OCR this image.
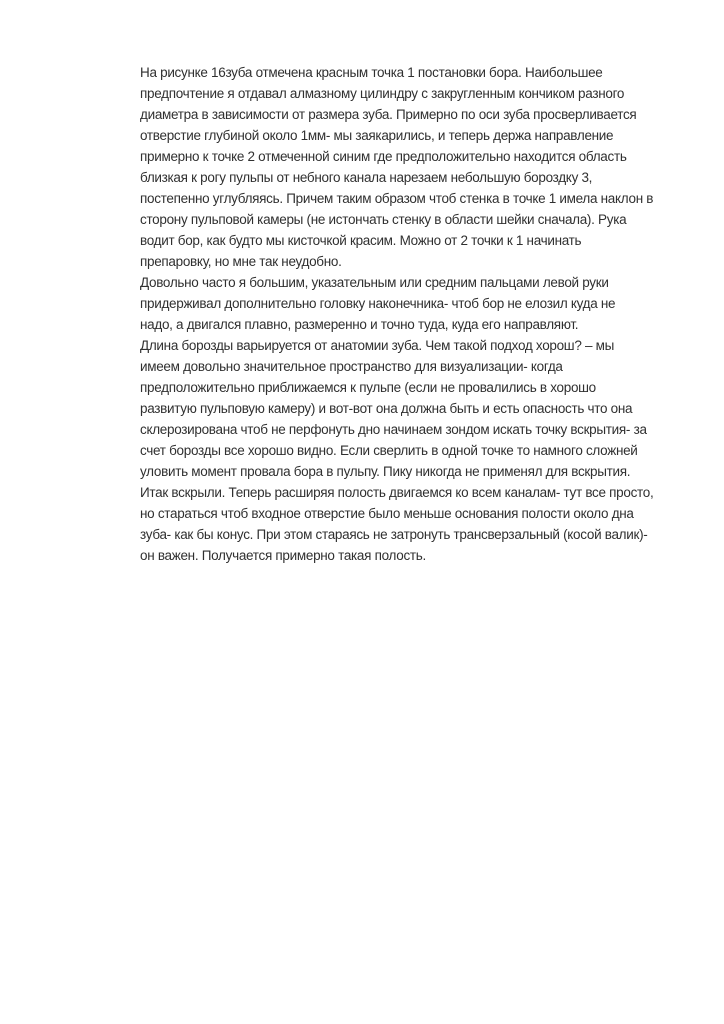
На рисунке 16зуба отмечена красным точка 1 постановки бора. Наибольшее
предпочтение я отдавал алмазному цилиндру с закругленным кончиком разного
диаметра в зависимости от размера зуба. Примерно по оси зуба просверливается
отверстие глубиной около 1мм- мы заякарились, и теперь держа направление
примерно к точке 2 отмеченной синим где предположительно находится область
близкая к рогу пульпы от небного канала нарезаем небольшую бороздку 3,
постепенно углубляясь. Причем таким образом чтоб стенка в точке 1 имела наклон в
сторону пульповой камеры (не истончать стенку в области шейки сначала). Рука
водит бор, как будто мы кисточкой красим. Можно от 2 точки к 1 начинать
препаровку, но мне так неудобно.
Довольно часто я большим, указательным или средним пальцами левой руки
придерживал дополнительно головку наконечника- чтоб бор не елозил куда не
надо, а двигался плавно, размеренно и точно туда, куда его направляют.
Длина борозды варьируется от анатомии зуба. Чем такой подход хорош? – мы
имеем довольно значительное пространство для визуализации- когда
предположительно приближаемся к пульпе (если не провалились в хорошо
развитую пульповую камеру) и вот-вот она должна быть и есть опасность что она
склерозирована чтоб не перфонуть дно начинаем зондом искать точку вскрытия- за
счет борозды все хорошо видно. Если сверлить в одной точке то намного сложней
уловить момент провала бора в пульпу. Пику никогда не применял для вскрытия.
Итак вскрыли. Теперь расширяя полость двигаемся ко всем каналам- тут все просто,
но стараться чтоб входное отверстие было меньше основания полости около дна
зуба- как бы конус. При этом стараясь не затронуть трансверзальный (косой валик)-
он важен. Получается примерно такая полость.
